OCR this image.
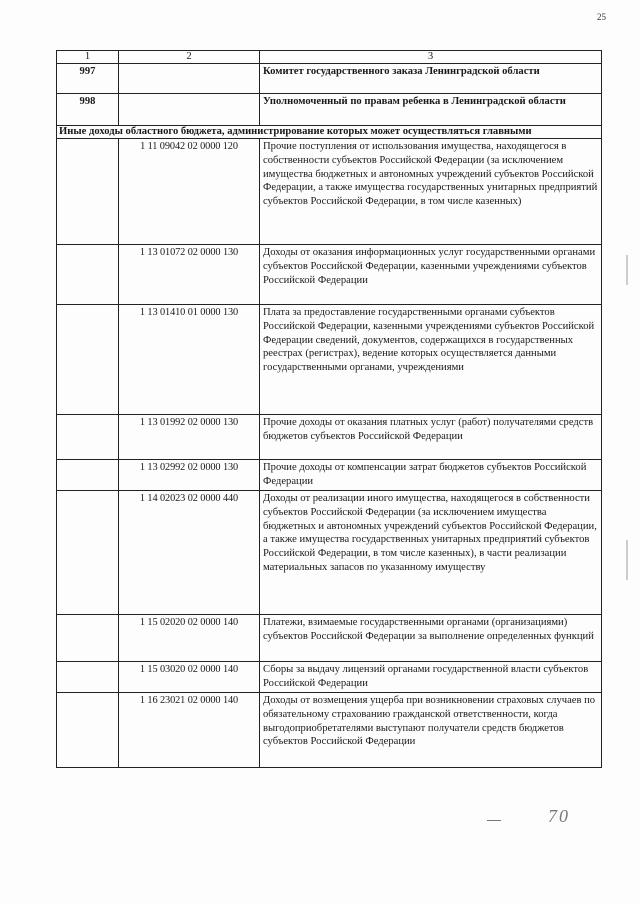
25
1	2	3
997		Комитет государственного заказа Ленинградской области
998		Уполномоченный по правам ребенка в Ленинградской области
Иные доходы областного бюджета, администрирование которых может осуществляться главными		
	1 11 09042 02 0000 120	Прочие поступления от использования имущества, находящегося в собственности субъектов Российской Федерации (за исключением имущества бюджетных и автономных учреждений субъектов Российской Федерации, а также имущества государственных унитарных предприятий субъектов Российской Федерации, в том числе казенных)
	1 13 01072 02 0000 130	Доходы от оказания информационных услуг государственными органами субъектов Российской Федерации, казенными учреждениями субъектов Российской Федерации
	1 13 01410 01 0000 130	Плата за предоставление государственными органами субъектов Российской Федерации, казенными учреждениями субъектов Российской Федерации сведений, документов, содержащихся в государственных реестрах (регистрах), ведение которых осуществляется данными государственными органами, учреждениями
	1 13 01992 02 0000 130	Прочие доходы от оказания платных услуг (работ) получателями средств бюджетов субъектов Российской Федерации
	1 13 02992 02 0000 130	Прочие доходы от компенсации затрат бюджетов субъектов Российской Федерации
	1 14 02023 02 0000 440	Доходы от реализации иного имущества, находящегося в собственности субъектов Российской Федерации (за исключением имущества бюджетных и автономных учреждений субъектов Российской Федерации, а также имущества государственных унитарных предприятий субъектов Российской Федерации, в том числе казенных), в части реализации материальных запасов по указанному имуществу
	1 15 02020 02 0000 140	Платежи, взимаемые государственными органами (организациями) субъектов Российской Федерации за выполнение определенных функций
	1 15 03020 02 0000 140	Сборы за выдачу лицензий органами государственной власти субъектов Российской Федерации
	1 16 23021 02 0000 140	Доходы от возмещения ущерба при возникновении страховых случаев по обязательному страхованию гражданской ответственности, когда выгодоприобретателями выступают получатели средств бюджетов субъектов Российской Федерации
70
